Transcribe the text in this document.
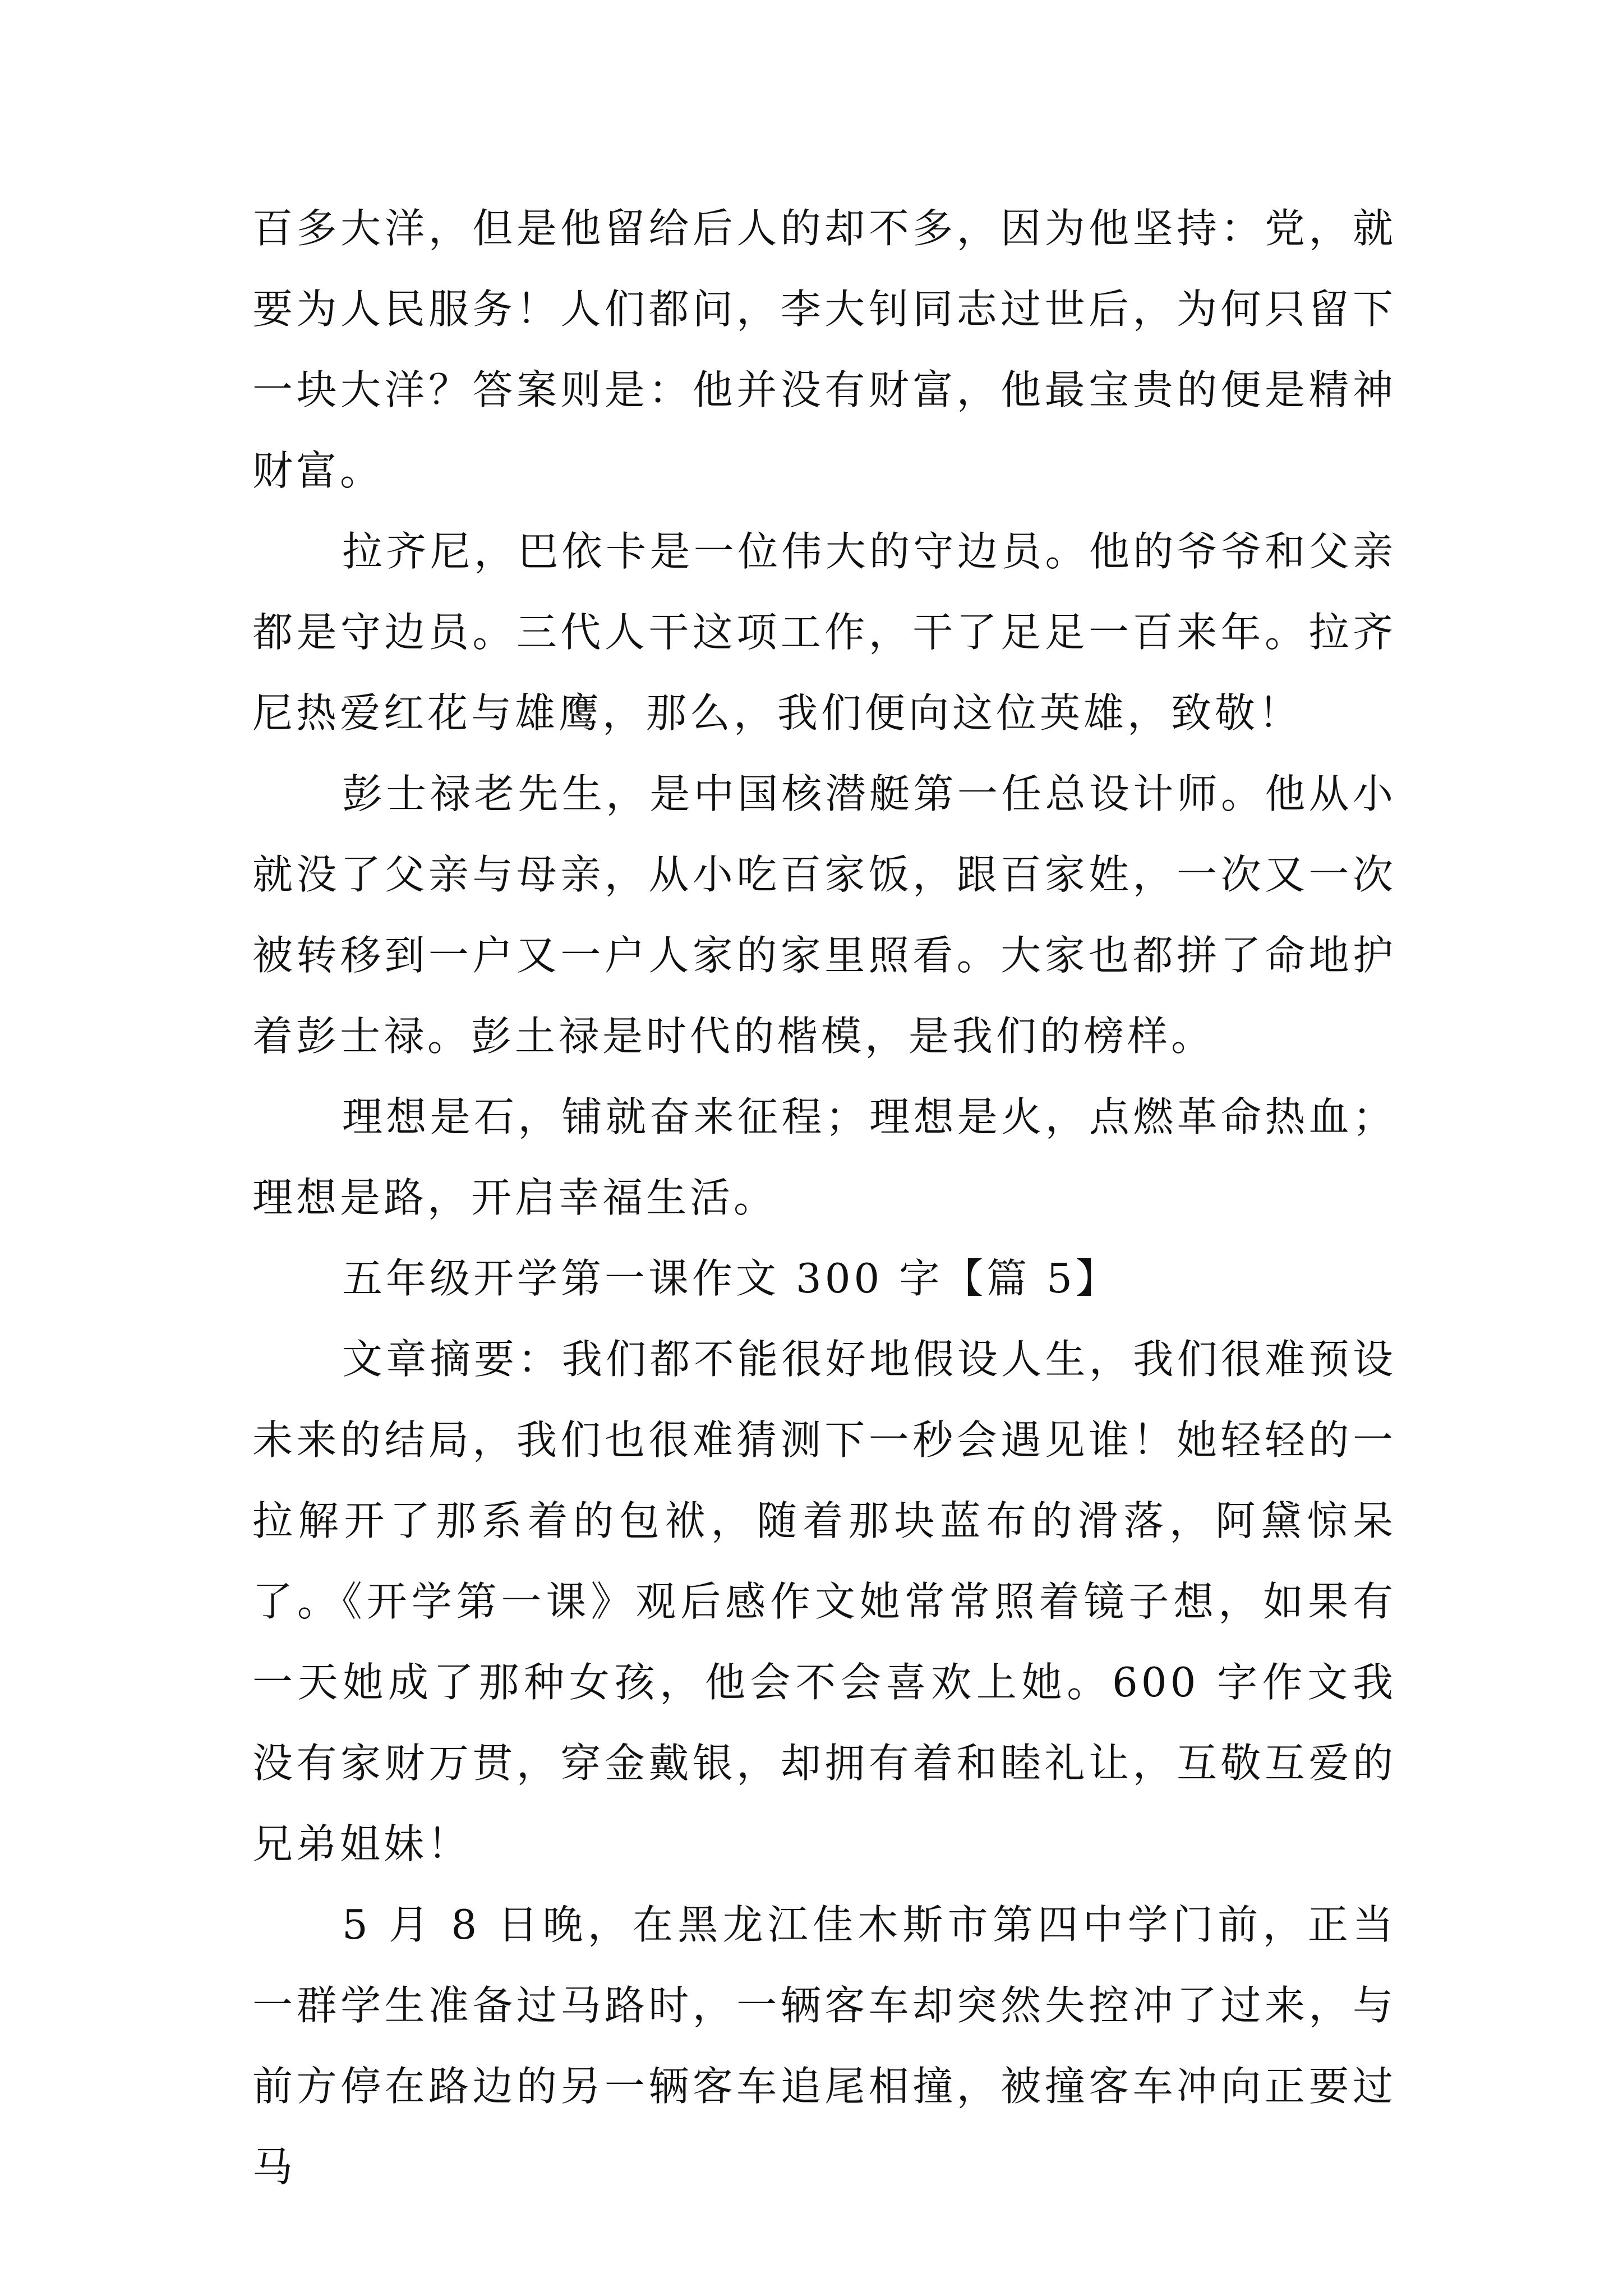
百多大洋，但是他留给后人的却不多，因为他坚持：党，就要为人民服务！人们都问，李大钊同志过世后，为何只留下一块大洋？答案则是：他并没有财富，他最宝贵的便是精神财富。

拉齐尼，巴依卡是一位伟大的守边员。他的爷爷和父亲都是守边员。三代人干这项工作，干了足足一百来年。拉齐尼热爱红花与雄鹰，那么，我们便向这位英雄，致敬！

彭士禄老先生，是中国核潜艇第一任总设计师。他从小就没了父亲与母亲，从小吃百家饭，跟百家姓，一次又一次被转移到一户又一户人家的家里照看。大家也都拼了命地护着彭士禄。彭土禄是时代的楷模，是我们的榜样。

理想是石，铺就奋来征程；理想是火，点燃革命热血；理想是路，开启幸福生活。

五年级开学第一课作文 300 字【篇 5】

文章摘要：我们都不能很好地假设人生，我们很难预设未来的结局，我们也很难猜测下一秒会遇见谁！她轻轻的一拉解开了那系着的包袱，随着那块蓝布的滑落，阿黛惊呆了。《开学第一课》观后感作文她常常照着镜子想，如果有一天她成了那种女孩，他会不会喜欢上她。600 字作文我没有家财万贯，穿金戴银，却拥有着和睦礼让，互敬互爱的兄弟姐妹！

5 月 8 日晚，在黑龙江佳木斯市第四中学门前，正当一群学生准备过马路时，一辆客车却突然失控冲了过来，与前方停在路边的另一辆客车追尾相撞，被撞客车冲向正要过马
